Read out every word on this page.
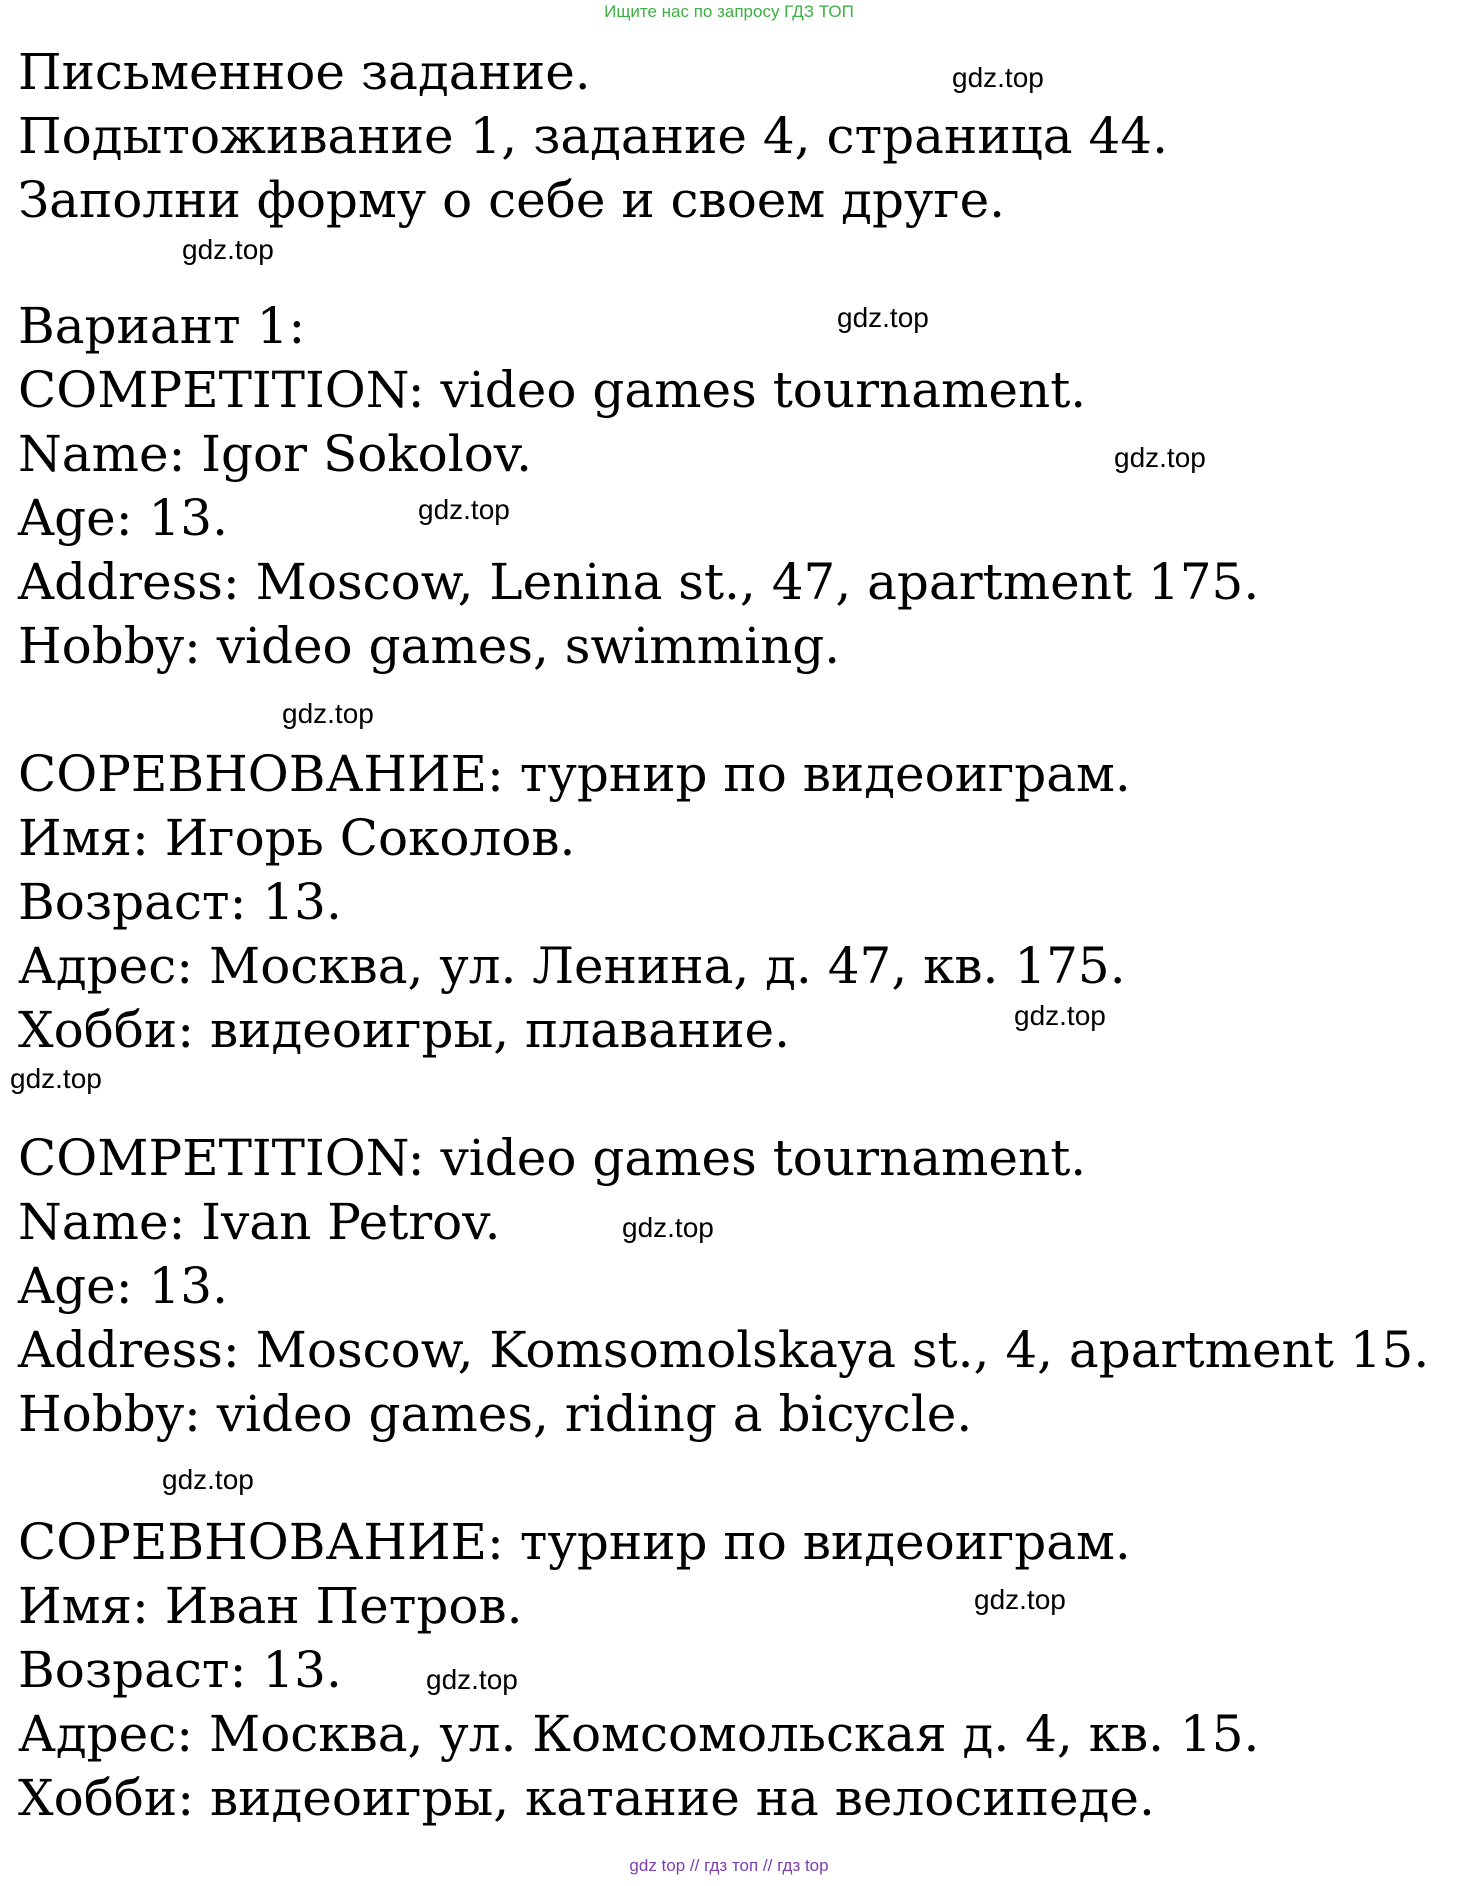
Ищите нас по запросу ГДЗ ТОП
Письменное задание.
Подытоживание 1, задание 4, страница 44.
Заполни форму о себе и своем друге.
Вариант 1:
COMPETITION: video games tournament.
Name: Igor Sokolov.
Age: 13.
Address: Moscow, Lenina st., 47, apartment 175.
Hobby: video games, swimming.
СОРЕВНОВАНИЕ: турнир по видеоиграм.
Имя: Игорь Соколов.
Возраст: 13.
Адрес: Москва, ул. Ленина, д. 47, кв. 175.
Хобби: видеоигры, плавание.
COMPETITION: video games tournament.
Name: Ivan Petrov.
Age: 13.
Address: Moscow, Komsomolskaya st., 4, apartment 15.
Hobby: video games, riding a bicycle.
СОРЕВНОВАНИЕ: турнир по видеоиграм.
Имя: Иван Петров.
Возраст: 13.
Адрес: Москва, ул. Комсомольская д. 4, кв. 15.
Хобби: видеоигры, катание на велосипеде.
gdz.top
gdz.top
gdz.top
gdz.top
gdz.top
gdz.top
gdz.top
gdz.top
gdz.top
gdz.top
gdz.top
gdz.top
gdz top // гдз топ // гдз top
